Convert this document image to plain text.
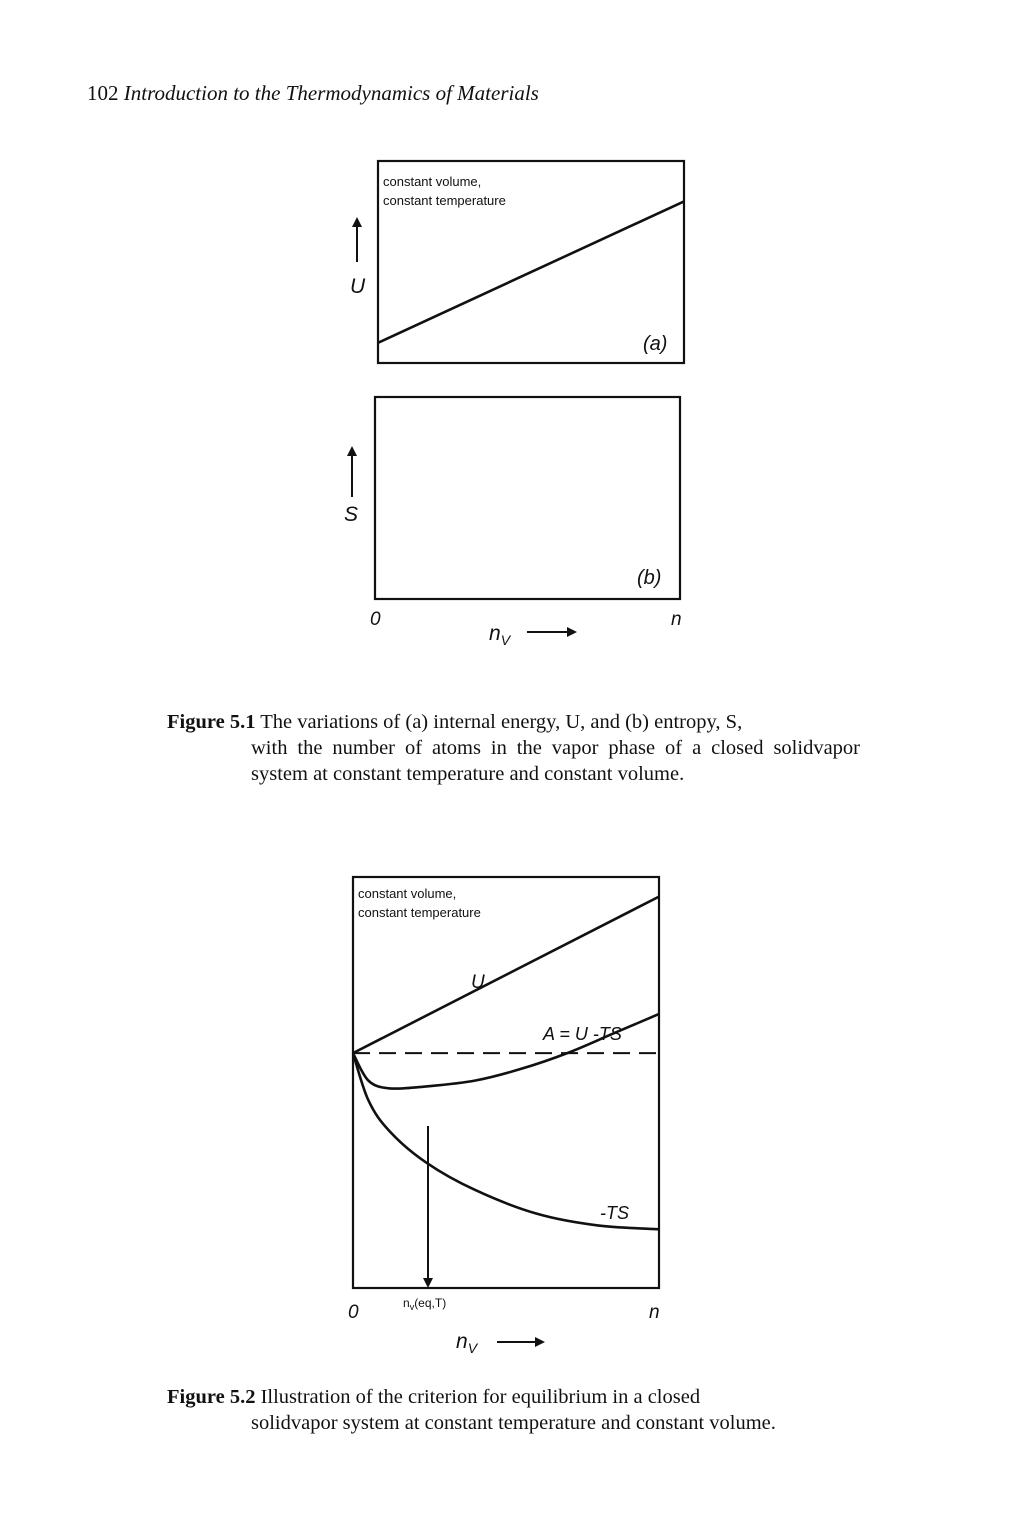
102 Introduction to the Thermodynamics of Materials
constant volume,
constant temperature
U
(a)
S
(b)
0	n
$n_V$
constant volume,
constant temperature
U
A = U -TS
-TS
$n_v(eq,T)$
0	n
$n_V$
Figure 5.1 The variations of (a) internal energy, U, and (b) entropy, S,
with the number of atoms in the vapor phase of a closed solidvapor system at constant temperature and constant volume.
Figure 5.2 Illustration of the criterion for equilibrium in a closed
solidvapor system at constant temperature and constant volume.
